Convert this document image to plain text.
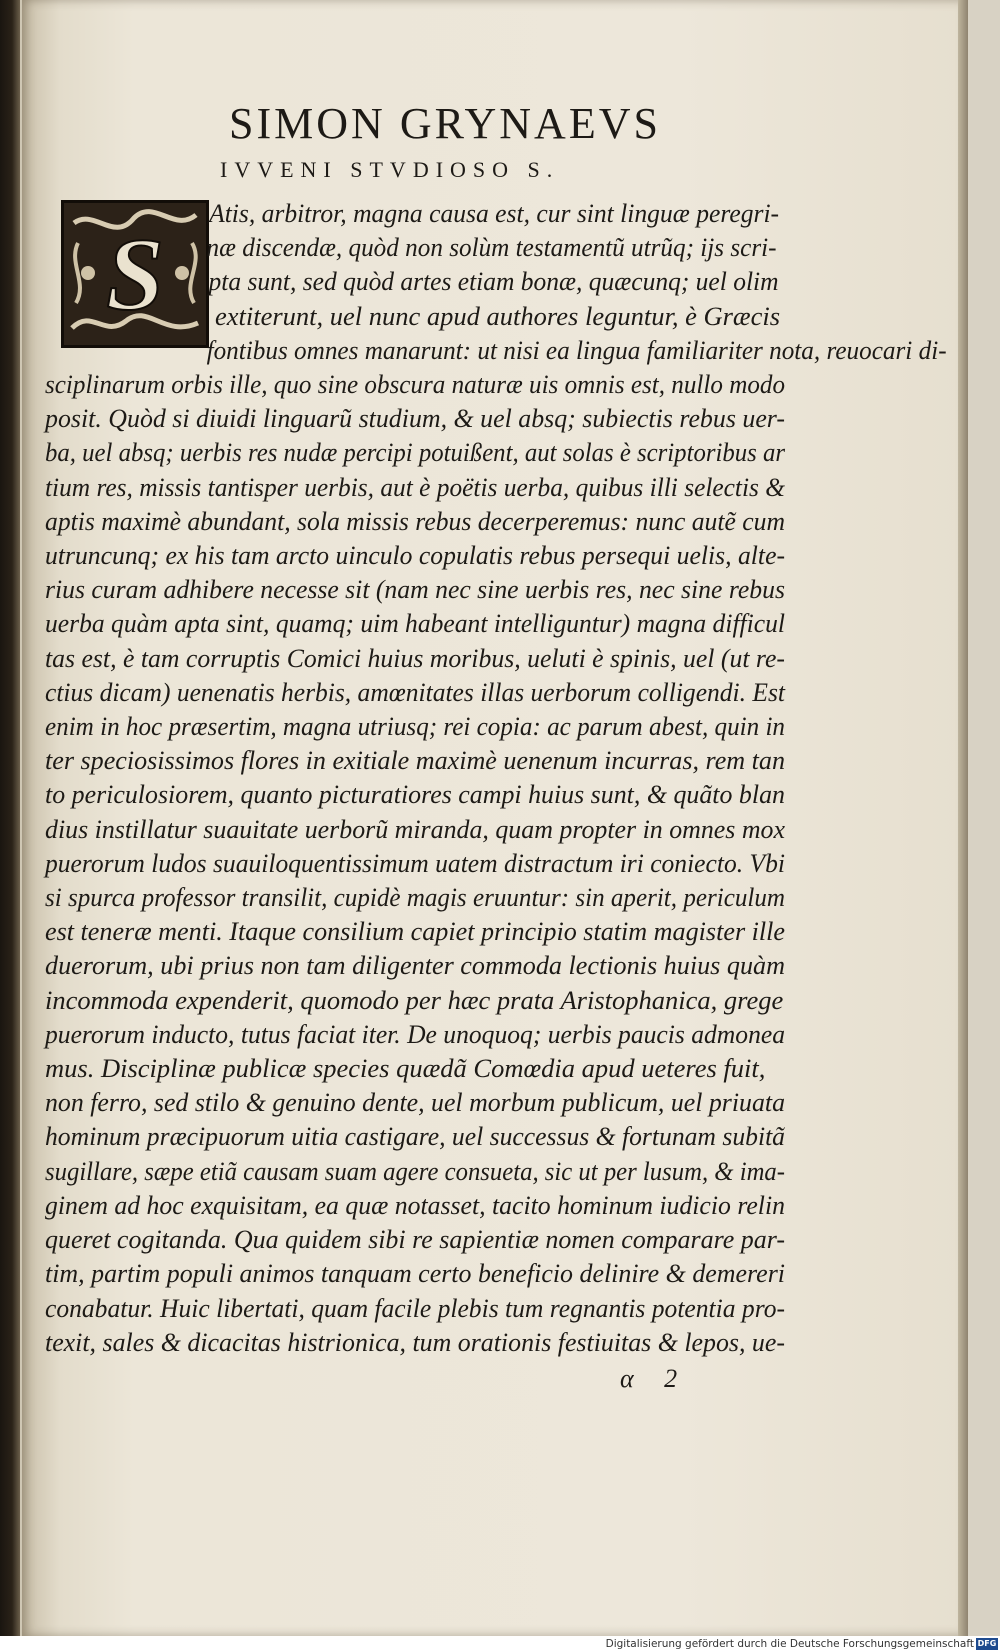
SIMON GRYNAEVS
IVVENI STVDIOSO S.
S
Atis, arbitror, magna causa est, cur sint linguæ peregri-
næ discendæ, quòd non solùm testamentũ utrũq; ijs scri-
pta sunt, sed quòd artes etiam bonæ, quæcunq; uel olim
extiterunt, uel nunc apud authores leguntur, è Græcis
fontibus omnes manarunt: ut nisi ea lingua familiariter nota, reuocari di-
sciplinarum orbis ille, quo sine obscura naturæ uis omnis est, nullo modo
posit. Quòd si diuidi linguarũ studium, & uel absq; subiectis rebus uer-
ba, uel absq; uerbis res nudæ percipi potuißent, aut solas è scriptoribus ar
tium res, missis tantisper uerbis, aut è poëtis uerba, quibus illi selectis &
aptis maximè abundant, sola missis rebus decerperemus: nunc autẽ cum
utruncunq; ex his tam arcto uinculo copulatis rebus persequi uelis, alte-
rius curam adhibere necesse sit (nam nec sine uerbis res, nec sine rebus
uerba quàm apta sint, quamq; uim habeant intelliguntur) magna difficul
tas est, è tam corruptis Comici huius moribus, ueluti è spinis, uel (ut re-
ctius dicam) uenenatis herbis, amœnitates illas uerborum colligendi. Est
enim in hoc præsertim, magna utriusq; rei copia: ac parum abest, quin in
ter speciosissimos flores in exitiale maximè uenenum incurras, rem tan
to periculosiorem, quanto picturatiores campi huius sunt, & quãto blan
dius instillatur suauitate uerborũ miranda, quam propter in omnes mox
puerorum ludos suauiloquentissimum uatem distractum iri coniecto. Vbi
si spurca professor transilit, cupidè magis eruuntur: sin aperit, periculum
est teneræ menti. Itaque consilium capiet principio statim magister ille
duerorum, ubi prius non tam diligenter commoda lectionis huius quàm
incommoda expenderit, quomodo per hæc prata Aristophanica, grege
puerorum inducto, tutus faciat iter. De unoquoq; uerbis paucis admonea
mus. Disciplinæ publicæ species quædã Comœdia apud ueteres fuit,
non ferro, sed stilo & genuino dente, uel morbum publicum, uel priuata
hominum præcipuorum uitia castigare, uel successus & fortunam subitã
sugillare, sæpe etiã causam suam agere consueta, sic ut per lusum, & ima-
ginem ad hoc exquisitam, ea quæ notasset, tacito hominum iudicio relin
queret cogitanda. Qua quidem sibi re sapientiæ nomen comparare par-
tim, partim populi animos tanquam certo beneficio delinire & demereri
conabatur. Huic libertati, quam facile plebis tum regnantis potentia pro-
texit, sales & dicacitas histrionica, tum orationis festiuitas & lepos, ue-
α 2
Digitalisierung gefördert durch die Deutsche Forschungsgemeinschaft DFG
